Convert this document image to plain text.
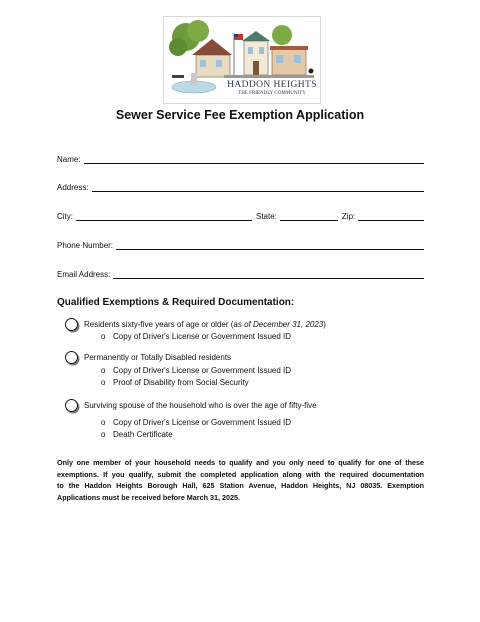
HADDON HEIGHTS
THE FRIENDLY COMMUNITY
Sewer Service Fee Exemption Application
Name:
Address:
City:	State:	Zip:
Phone Number:
Email Address:
Qualified Exemptions & Required Documentation:
Residents sixty-five years of age or older (as of December 31, 2023)
o Copy of Driver's License or Government Issued ID
Permanently or Totally Disabled residents
o Copy of Driver's License or Government Issued ID
o Proof of Disability from Social Security
Surviving spouse of the household who is over the age of fifty-five
o Copy of Driver's License or Government Issued ID
o Death Certificate
Only one member of your household needs to qualify and you only need to qualify for one of these
exemptions. If you qualify, submit the completed application along with the required documentation
to the Haddon Heights Borough Hall, 625 Station Avenue, Haddon Heights, NJ 08035. Exemption
Applications must be received before March 31, 2025.
